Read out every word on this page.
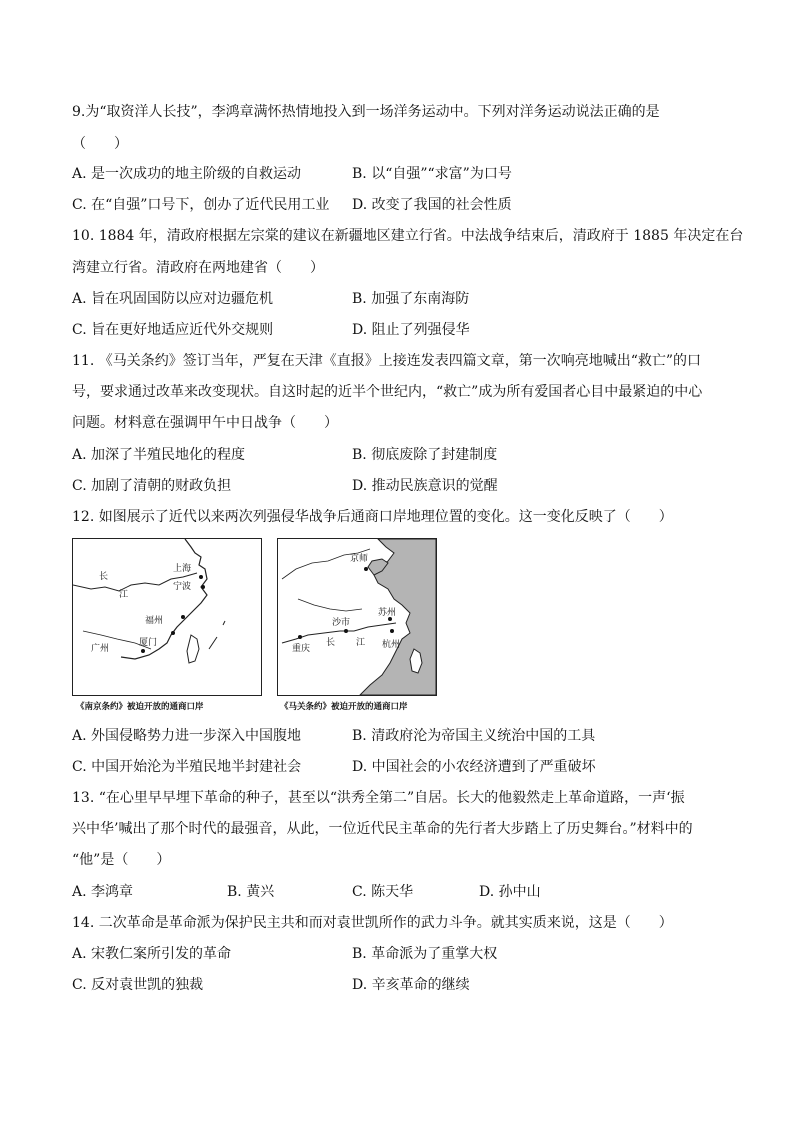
9.为“取资洋人长技”，李鸿章满怀热情地投入到一场洋务运动中。下列对洋务运动说法正确的是
（　　）
A. 是一次成功的地主阶级的自救运动	B. 以“自强”“求富”为口号
C. 在“自强”口号下，创办了近代民用工业 D. 改变了我国的社会性质
10. 1884 年，清政府根据左宗棠的建议在新疆地区建立行省。中法战争结束后，清政府于 1885 年决定在台
湾建立行省。清政府在两地建省（　　）
A. 旨在巩固国防以应对边疆危机	B. 加强了东南海防
C. 旨在更好地适应近代外交规则	D. 阻止了列强侵华
11. 《马关条约》签订当年，严复在天津《直报》上接连发表四篇文章，第一次响亮地喊出“救亡”的口
号，要求通过改革来改变现状。自这时起的近半个世纪内，“救亡”成为所有爱国者心目中最紧迫的中心
问题。材料意在强调甲午中日战争（　　）
A. 加深了半殖民地化的程度	B. 彻底废除了封建制度
C. 加剧了清朝的财政负担	D. 推动民族意识的觉醒
12. 如图展示了近代以来两次列强侵华战争后通商口岸地理位置的变化。这一变化反映了（　　）
长
江
上海
宁波
福州
厦门
广州
《南京条约》被迫开放的通商口岸
京师
苏州
沙市
重庆
长 江 杭州
《马关条约》被迫开放的通商口岸
A. 外国侵略势力进一步深入中国腹地	B. 清政府沦为帝国主义统治中国的工具
C. 中国开始沦为半殖民地半封建社会	D. 中国社会的小农经济遭到了严重破坏
13. “在心里早早埋下革命的种子，甚至以“洪秀全第二”自居。长大的他毅然走上革命道路，一声‘振
兴中华’喊出了那个时代的最强音，从此，一位近代民主革命的先行者大步踏上了历史舞台。”材料中的
“他”是（　　）
A. 李鸿章	B. 黄兴	C. 陈天华	D. 孙中山
14. 二次革命是革命派为保护民主共和而对袁世凯所作的武力斗争。就其实质来说，这是（　　）
A. 宋教仁案所引发的革命	B. 革命派为了重掌大权
C. 反对袁世凯的独裁	D. 辛亥革命的继续
